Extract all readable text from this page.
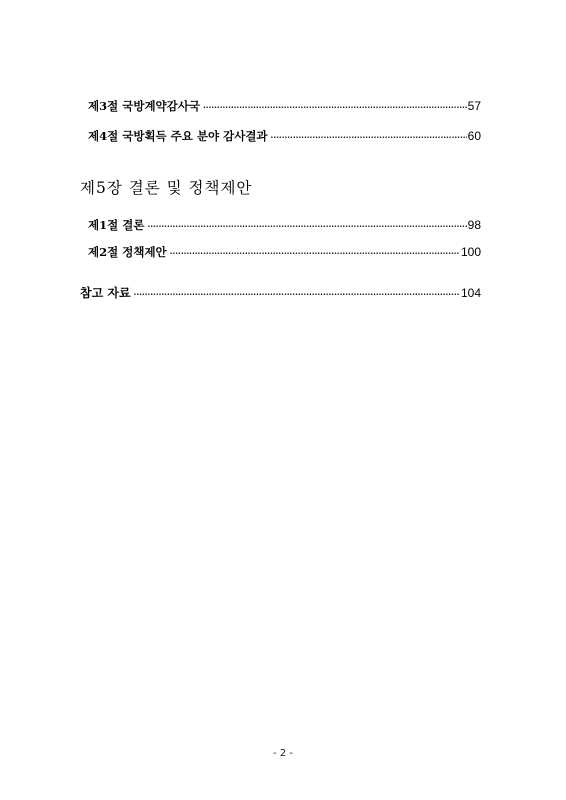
제3절 국방계약감사국 ·····	57
제4절 국방획득 주요 분야 감사결과 ·····	60
제5장 결론 및 정책제안
제1절 결론 ·····	98
제2절 정책제안 ·····	100
참고 자료 ·····	104
- 2 -
